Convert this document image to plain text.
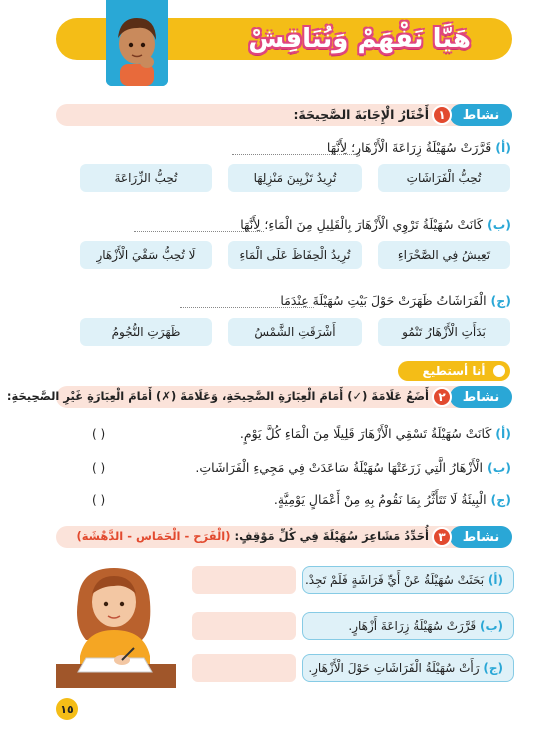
هَيَّا نَفْهَمْ وَنُنَاقِشْ
نشاط
١
أَخْتَارُ الْإِجَابَةَ الصَّحِيحَةَ:
(أ) قَرَّرَتْ سُهَيْلَةُ زِرَاعَةَ الْأَزْهَارِ؛ لِأَنَّهَا
تُحِبُّ الْفَرَاشَاتِ
تُرِيدُ تَزْيِينَ مَنْزِلِهَا
تُحِبُّ الزِّرَاعَةَ
(ب) كَانَتْ سُهَيْلَةُ تَرْوِي الْأَزْهَارَ بِالْقَلِيلِ مِنَ الْمَاءِ؛ لِأَنَّهَا
تَعِيشُ فِي الصَّحْرَاءِ
تُرِيدُ الْحِفَاظَ عَلَى الْمَاءِ
لَا تُحِبُّ سَقْيَ الْأَزْهَارِ
(ج) الْفَرَاشَاتُ ظَهَرَتْ حَوْلَ بَيْتِ سُهَيْلَةَ عِنْدَمَا
بَدَأَتِ الْأَزْهَارُ تَنْمُو
أَشْرَقَتِ الشَّمْسُ
ظَهَرَتِ النُّجُومُ
أنا أستطيع
نشاط
٢
أَضَعُ عَلَامَةَ (✓) أَمَامَ الْعِبَارَةِ الصَّحِيحَةِ، وَعَلَامَةَ (✗) أَمَامَ الْعِبَارَةِ غَيْرِ الصَّحِيحَةِ:
(أ) كَانَتْ سُهَيْلَةُ تَسْقِي الْأَزْهَارَ قَلِيلًا مِنَ الْمَاءِ كُلَّ يَوْمٍ.
( )
(ب) الْأَزْهَارُ الَّتِي زَرَعَتْهَا سُهَيْلَةُ سَاعَدَتْ فِي مَجِيءِ الْفَرَاشَاتِ.
( )
(ج) الْبِيئَةُ لَا تَتَأَثَّرُ بِمَا نَقُومُ بِهِ مِنْ أَعْمَالٍ يَوْمِيَّةٍ.
( )
نشاط
٣
أُحَدِّدُ مَشَاعِرَ سُهَيْلَةَ فِي كُلِّ مَوْقِفٍ: (الْفَرَح - الْحَمَاس - الدَّهْشَة)
(أ) بَحَثَتْ سُهَيْلَةُ عَنْ أَيِّ فَرَاشَةٍ فَلَمْ تَجِدْ.
(ب) قَرَّرَتْ سُهَيْلَةُ زِرَاعَةَ أَزْهَارٍ.
(ج) رَأَتْ سُهَيْلَةُ الْفَرَاشَاتِ حَوْلَ الْأَزْهَارِ.
١٥
